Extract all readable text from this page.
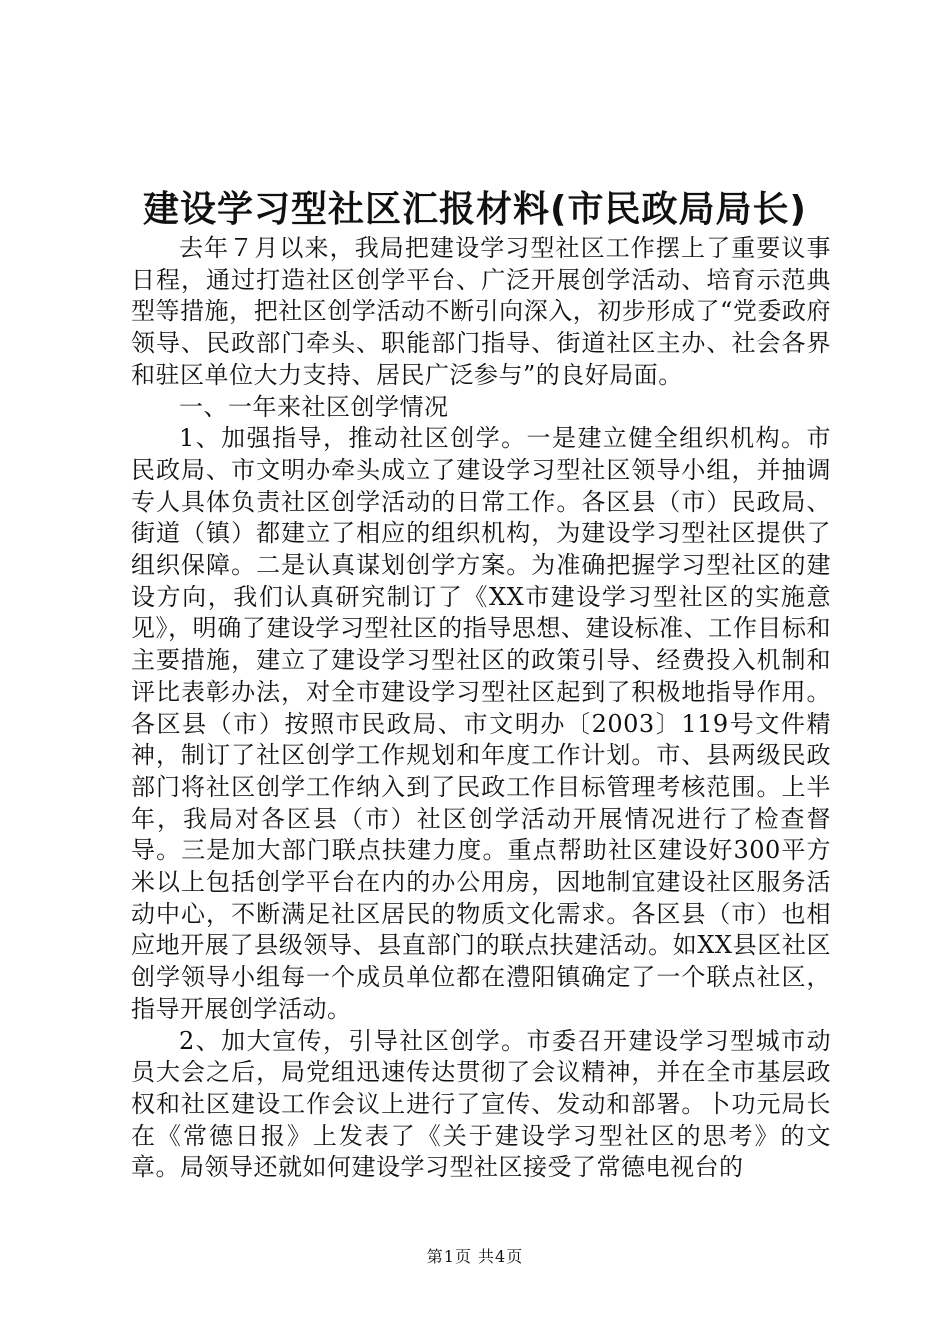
建设学习型社区汇报材料(市民政局局长)

去年７月以来，我局把建设学习型社区工作摆上了重要议事日程，通过打造社区创学平台、广泛开展创学活动、培育示范典型等措施，把社区创学活动不断引向深入，初步形成了“党委政府领导、民政部门牵头、职能部门指导、街道社区主办、社会各界和驻区单位大力支持、居民广泛参与”的良好局面。

一、一年来社区创学情况

1、加强指导，推动社区创学。一是建立健全组织机构。市民政局、市文明办牵头成立了建设学习型社区领导小组，并抽调专人具体负责社区创学活动的日常工作。各区县（市）民政局、街道（镇）都建立了相应的组织机构，为建设学习型社区提供了组织保障。二是认真谋划创学方案。为准确把握学习型社区的建设方向，我们认真研究制订了《XX市建设学习型社区的实施意见》，明确了建设学习型社区的指导思想、建设标准、工作目标和主要措施，建立了建设学习型社区的政策引导、经费投入机制和评比表彰办法，对全市建设学习型社区起到了积极地指导作用。各区县（市）按照市民政局、市文明办〔2003〕119号文件精神，制订了社区创学工作规划和年度工作计划。市、县两级民政部门将社区创学工作纳入到了民政工作目标管理考核范围。上半年，我局对各区县（市）社区创学活动开展情况进行了检查督导。三是加大部门联点扶建力度。重点帮助社区建设好300平方米以上包括创学平台在内的办公用房，因地制宜建设社区服务活动中心，不断满足社区居民的物质文化需求。各区县（市）也相应地开展了县级领导、县直部门的联点扶建活动。如XX县区社区创学领导小组每一个成员单位都在澧阳镇确定了一个联点社区，指导开展创学活动。

2、加大宣传，引导社区创学。市委召开建设学习型城市动员大会之后，局党组迅速传达贯彻了会议精神，并在全市基层政权和社区建设工作会议上进行了宣传、发动和部署。卜功元局长在《常德日报》上发表了《关于建设学习型社区的思考》的文章。局领导还就如何建设学习型社区接受了常德电视台的

第1页 共4页
